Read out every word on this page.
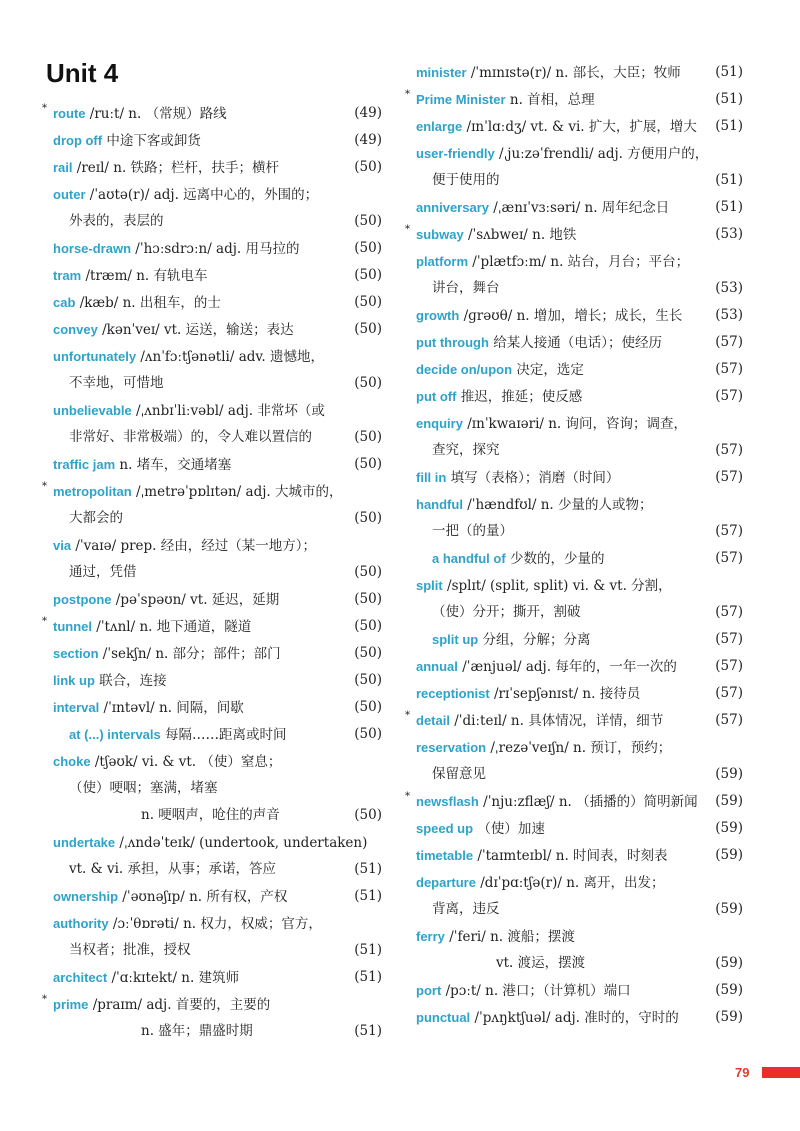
Unit 4
* route /ruːt/ n. （常规）路线	(49)
drop off 中途下客或卸货	(49)
rail /reɪl/ n. 铁路；栏杆，扶手；横杆	(50)
outer /ˈaʊtə(r)/ adj. 远离中心的，外围的；
外表的，表层的	(50)
horse-drawn /ˈhɔːsdrɔːn/ adj. 用马拉的	(50)
tram /træm/ n. 有轨电车	(50)
cab /kæb/ n. 出租车，的士	(50)
convey /kənˈveɪ/ vt. 运送，输送；表达	(50)
unfortunately /ʌnˈfɔːtʃənətli/ adv. 遗憾地，
不幸地，可惜地	(50)
unbelievable /ˌʌnbɪˈliːvəbl/ adj. 非常坏（或
非常好、非常极端）的，令人难以置信的	(50)
traffic jam n. 堵车，交通堵塞	(50)
* metropolitan /ˌmetrəˈpɒlɪtən/ adj. 大城市的，
大都会的	(50)
via /ˈvaɪə/ prep. 经由，经过（某一地方）；
通过，凭借	(50)
postpone /pəˈspəʊn/ vt. 延迟，延期	(50)
* tunnel /ˈtʌnl/ n. 地下通道，隧道	(50)
section /ˈsekʃn/ n. 部分；部件；部门	(50)
link up 联合，连接	(50)
interval /ˈɪntəvl/ n. 间隔，间歇	(50)
at (...) intervals 每隔……距离或时间	(50)
choke /tʃəʊk/ vi. & vt. （使）窒息；
（使）哽咽；塞满，堵塞
n. 哽咽声，呛住的声音	(50)
undertake /ˌʌndəˈteɪk/ (undertook, undertaken)
vt. & vi. 承担，从事；承诺，答应	(51)
ownership /ˈəʊnəʃɪp/ n. 所有权，产权	(51)
authority /ɔːˈθɒrəti/ n. 权力，权威；官方，
当权者；批准，授权	(51)
architect /ˈɑːkɪtekt/ n. 建筑师	(51)
* prime /praɪm/ adj. 首要的，主要的
n. 盛年；鼎盛时期	(51)
minister /ˈmɪnɪstə(r)/ n. 部长，大臣；牧师	(51)
* Prime Minister n. 首相，总理	(51)
enlarge /ɪnˈlɑːdʒ/ vt. & vi. 扩大，扩展，增大 (51)
user-friendly /ˌjuːzəˈfrendli/ adj. 方便用户的，
便于使用的	(51)
anniversary /ˌænɪˈvɜːsəri/ n. 周年纪念日	(51)
* subway /ˈsʌbweɪ/ n. 地铁	(53)
platform /ˈplætfɔːm/ n. 站台，月台；平台；
讲台，舞台	(53)
growth /ɡrəʊθ/ n. 增加，增长；成长，生长 (53)
put through 给某人接通（电话）；使经历	(57)
decide on/upon 决定，选定	(57)
put off 推迟，推延；使反感	(57)
enquiry /ɪnˈkwaɪəri/ n. 询问，咨询；调查，
查究，探究	(57)
fill in 填写（表格）；消磨（时间）	(57)
handful /ˈhændfʊl/ n. 少量的人或物；
一把（的量）	(57)
a handful of 少数的，少量的	(57)
split /splɪt/ (split, split) vi. & vt. 分割，
（使）分开；撕开，割破	(57)
split up 分组，分解；分离	(57)
annual /ˈænjuəl/ adj. 每年的，一年一次的	(57)
receptionist /rɪˈsepʃənɪst/ n. 接待员	(57)
* detail /ˈdiːteɪl/ n. 具体情况，详情，细节	(57)
reservation /ˌrezəˈveɪʃn/ n. 预订，预约；
保留意见	(59)
* newsflash /ˈnjuːzflæʃ/ n. （插播的）简明新闻 (59)
speed up （使）加速	(59)
timetable /ˈtaɪmteɪbl/ n. 时间表，时刻表	(59)
departure /dɪˈpɑːtʃə(r)/ n. 离开，出发；
背离，违反	(59)
ferry /ˈferi/ n. 渡船；摆渡
vt. 渡运，摆渡	(59)
port /pɔːt/ n. 港口；（计算机）端口	(59)
punctual /ˈpʌŋktʃuəl/ adj. 准时的，守时的	(59)
79
